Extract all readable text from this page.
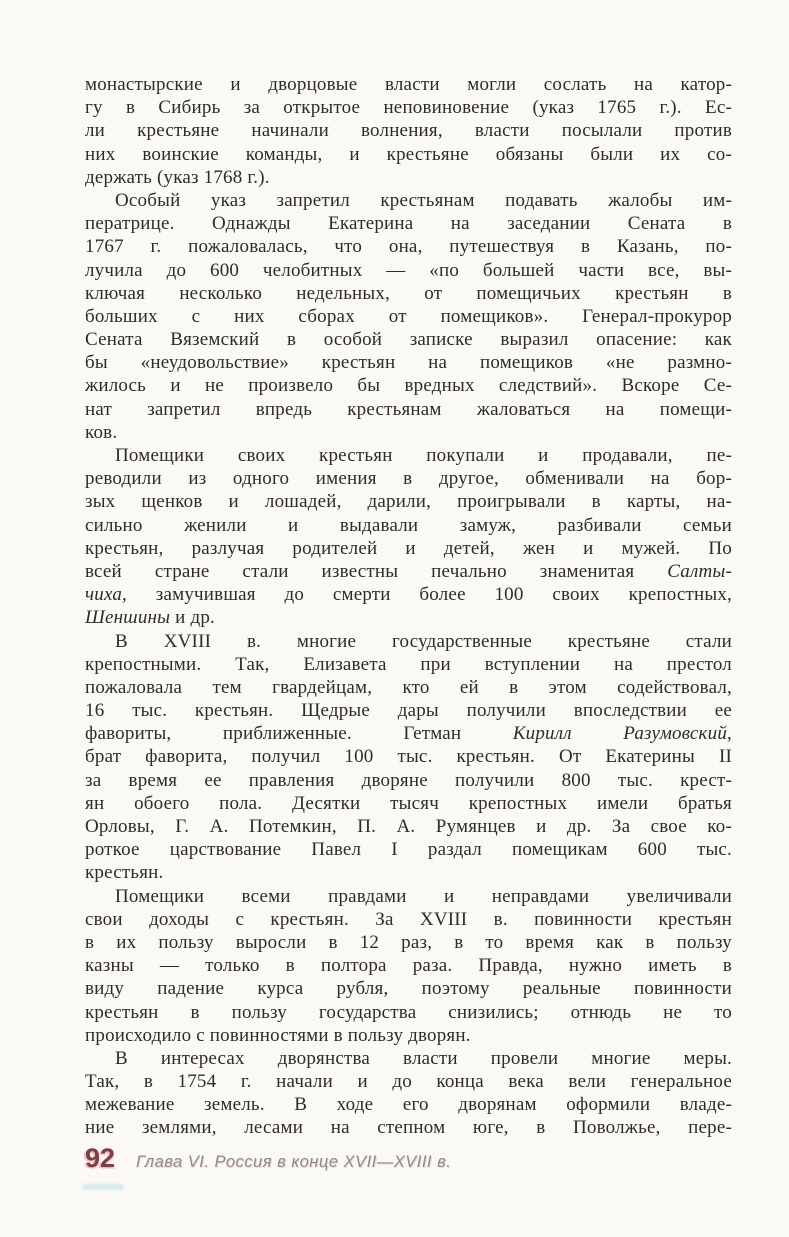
монастырские и дворцовые власти могли сослать на катор-
гу в Сибирь за открытое неповиновение (указ 1765 г.). Ес-
ли крестьяне начинали волнения, власти посылали против
них воинские команды, и крестьяне обязаны были их со-
держать (указ 1768 г.).
Особый указ запретил крестьянам подавать жалобы им-
ператрице. Однажды Екатерина на заседании Сената в
1767 г. пожаловалась, что она, путешествуя в Казань, по-
лучила до 600 челобитных — «по большей части все, вы-
ключая несколько недельных, от помещичьих крестьян в
больших с них сборах от помещиков». Генерал-прокурор
Сената Вяземский в особой записке выразил опасение: как
бы «неудовольствие» крестьян на помещиков «не размно-
жилось и не произвело бы вредных следствий». Вскоре Се-
нат запретил впредь крестьянам жаловаться на помещи-
ков.
Помещики своих крестьян покупали и продавали, пе-
реводили из одного имения в другое, обменивали на бор-
зых щенков и лошадей, дарили, проигрывали в карты, на-
сильно женили и выдавали замуж, разбивали семьи
крестьян, разлучая родителей и детей, жен и мужей. По
всей стране стали известны печально знаменитая Салты-
чиха, замучившая до смерти более 100 своих крепостных,
Шеншины и др.
В XVIII в. многие государственные крестьяне стали
крепостными. Так, Елизавета при вступлении на престол
пожаловала тем гвардейцам, кто ей в этом содействовал,
16 тыс. крестьян. Щедрые дары получили впоследствии ее
фавориты, приближенные. Гетман Кирилл Разумовский,
брат фаворита, получил 100 тыс. крестьян. От Екатерины II
за время ее правления дворяне получили 800 тыс. крест-
ян обоего пола. Десятки тысяч крепостных имели братья
Орловы, Г. А. Потемкин, П. А. Румянцев и др. За свое ко-
роткое царствование Павел I раздал помещикам 600 тыс.
крестьян.
Помещики всеми правдами и неправдами увеличивали
свои доходы с крестьян. За XVIII в. повинности крестьян
в их пользу выросли в 12 раз, в то время как в пользу
казны — только в полтора раза. Правда, нужно иметь в
виду падение курса рубля, поэтому реальные повинности
крестьян в пользу государства снизились; отнюдь не то
происходило с повинностями в пользу дворян.
В интересах дворянства власти провели многие меры.
Так, в 1754 г. начали и до конца века вели генеральное
межевание земель. В ходе его дворянам оформили владе-
ние землями, лесами на степном юге, в Поволжье, пере-
92 Глава VI. Россия в конце XVII—XVIII в.
